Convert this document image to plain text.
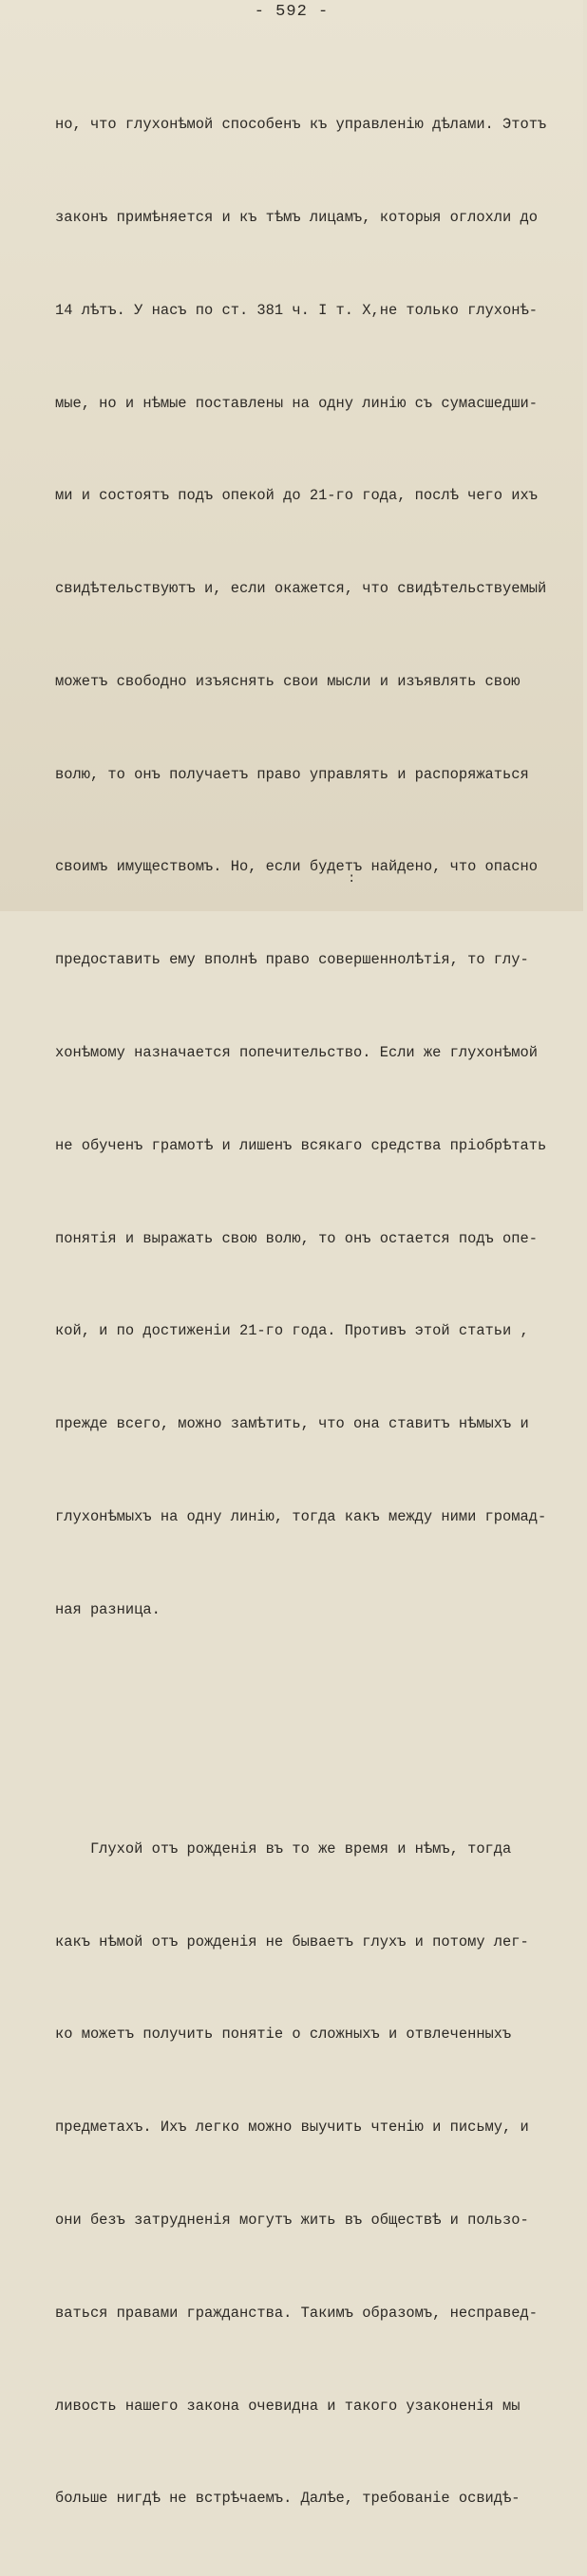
- 592 -

но, что глухонѣмой способенъ къ управленію дѣлами. Этотъ

законъ примѣняется и къ тѣмъ лицамъ, которыя оглохли до

14 лѣтъ. У насъ по ст. 381 ч. I т. X,не только глухонѣ-

мые, но и нѣмые поставлены на одну линію съ сумасшедши-

ми и состоятъ подъ опекой до 21-го года, послѣ чего ихъ

свидѣтельствуютъ и, если окажется, что свидѣтельствуемый

можетъ свободно изъяснять свои мысли и изъявлять свою

волю, то онъ получаетъ право управлять и распоряжаться

своимъ имуществомъ. Но, если будетъ найдено, что опасно

предоставить ему вполнѣ право совершеннолѣтія, то глу-

хонѣмому назначается попечительство. Если же глухонѣмой

не обученъ грамотѣ и лишенъ всякаго средства пріобрѣтать

понятія и выражать свою волю, то онъ остается подъ опе-

кой, и по достиженіи 21-го года. Противъ этой статьи ,

прежде всего, можно замѣтить, что она ставитъ нѣмыхъ и

глухонѣмыхъ на одну линію, тогда какъ между ними громад-

ная разница.

Глухой отъ рожденія въ то же время и нѣмъ, тогда

какъ нѣмой отъ рожденія не бываетъ глухъ и потому лег-

ко можетъ получить понятіе о сложныхъ и отвлеченныхъ

предметахъ. Ихъ легко можно выучить чтенію и письму, и

они безъ затрудненія могутъ жить въ обществѣ и пользо-

ваться правами гражданства. Такимъ образомъ, несправед-

ливость нашего закона очевидна и такого узаконенія мы

больше нигдѣ не встрѣчаемъ. Далѣе, требованіе освидѣ-

:
